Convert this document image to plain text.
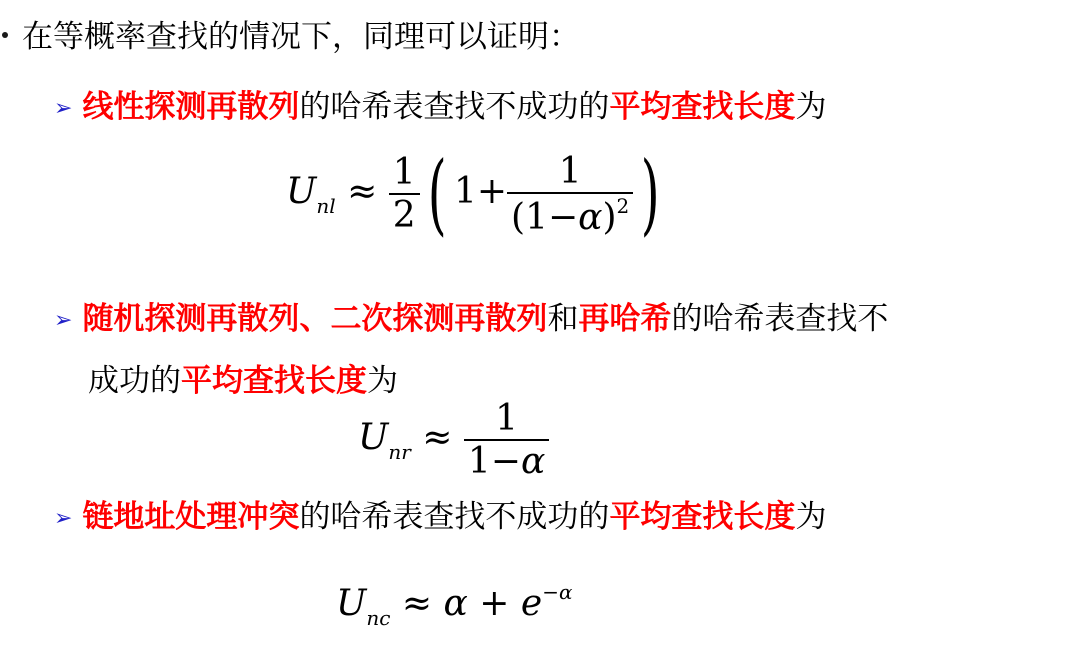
在等概率查找的情况下，同理可以证明：
➢ 线性探测再散列的哈希表查找不成功的平均查找长度为
$U_{nl} \approx \frac{1}{2}$ ( $1+ \frac{1}{(1-\alpha)^2}$ )
➢ 随机探测再散列、二次探测再散列和再哈希的哈希表查找不
成功的平均查找长度为
$U_{nr} \approx \frac{1}{1-\alpha}$
➢ 链地址处理冲突的哈希表查找不成功的平均查找长度为
$U_{nc} \approx \alpha + e^{-\alpha}$
